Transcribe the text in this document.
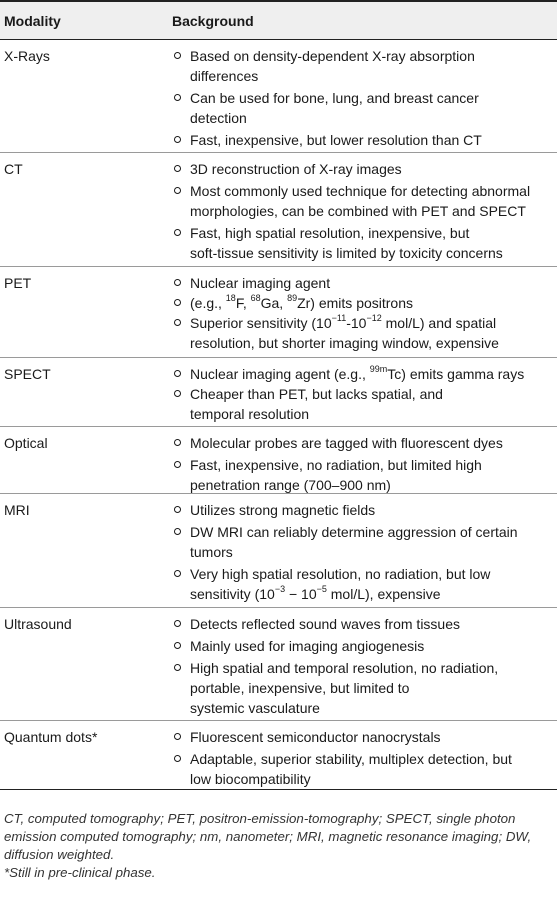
Modality	Background
X-Rays	Based on density-dependent X-ray absorption
differences
Can be used for bone, lung, and breast cancer
detection
Fast, inexpensive, but lower resolution than CT
CT	3D reconstruction of X-ray images
Most commonly used technique for detecting abnormal
morphologies, can be combined with PET and SPECT
Fast, high spatial resolution, inexpensive, but
soft-tissue sensitivity is limited by toxicity concerns
PET	Nuclear imaging agent
(e.g., $^{18}$F, $^{68}$Ga, $^{89}$Zr) emits positrons
Superior sensitivity ($10^{-11}-10^{-12}$ mol/L) and spatial
resolution, but shorter imaging window, expensive
SPECT	Nuclear imaging agent (e.g., $^{99m}$Tc) emits gamma rays
Cheaper than PET, but lacks spatial, and
temporal resolution
Optical	Molecular probes are tagged with fluorescent dyes
Fast, inexpensive, no radiation, but limited high
penetration range (700–900 nm)
MRI	Utilizes strong magnetic fields
DW MRI can reliably determine aggression of certain
tumors
Very high spatial resolution, no radiation, but low
sensitivity ($10^{-3} - 10^{-5}$ mol/L), expensive
Ultrasound	Detects reflected sound waves from tissues
Mainly used for imaging angiogenesis
High spatial and temporal resolution, no radiation,
portable, inexpensive, but limited to
systemic vasculature
Quantum dots*	Fluorescent semiconductor nanocrystals
Adaptable, superior stability, multiplex detection, but
low biocompatibility
CT, computed tomography; PET, positron-emission-tomography; SPECT, single photon
emission computed tomography; nm, nanometer; MRI, magnetic resonance imaging; DW,
diffusion weighted.
*Still in pre-clinical phase.
